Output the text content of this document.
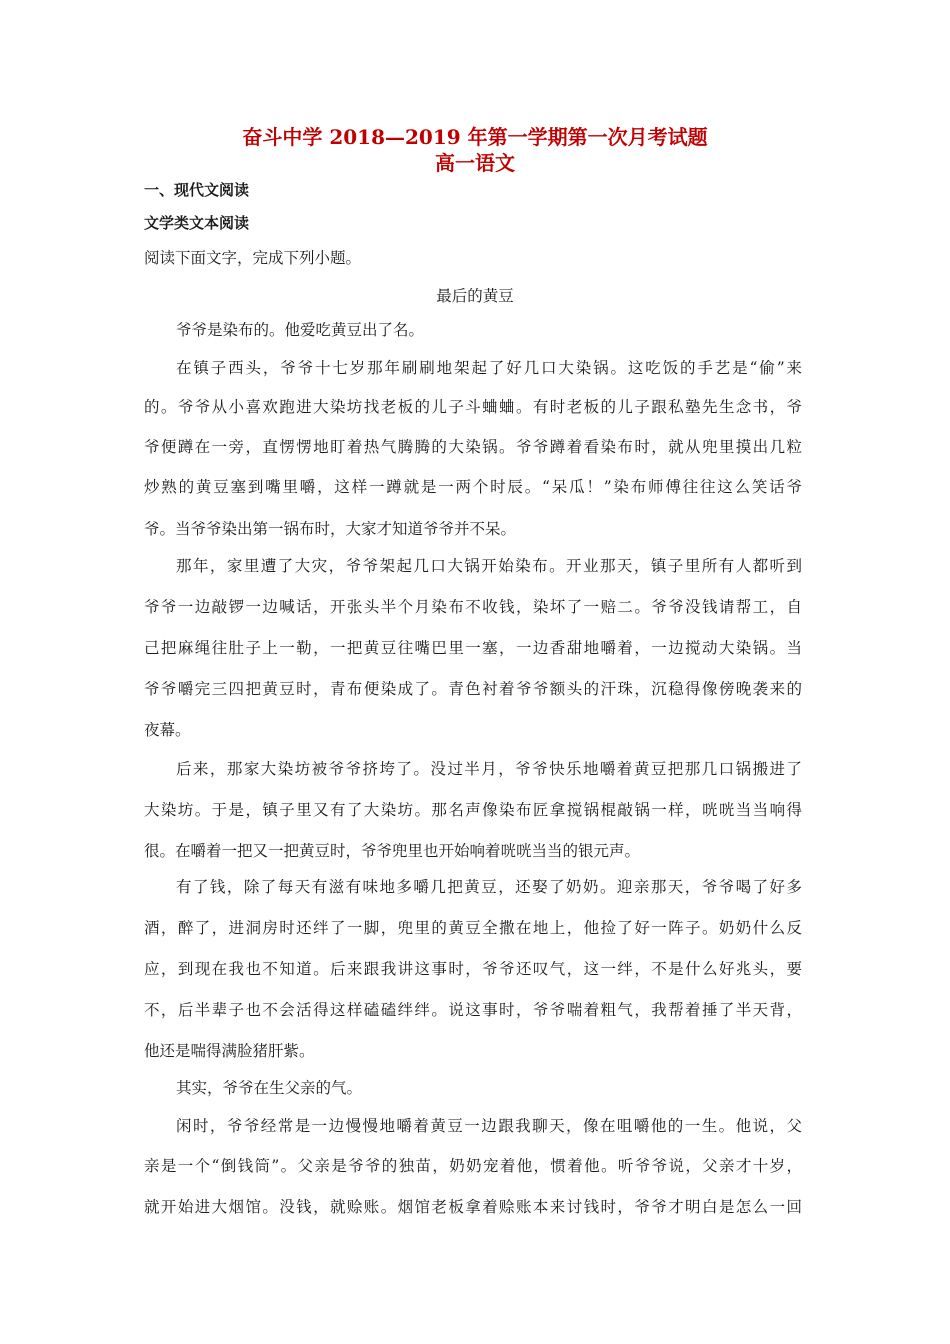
奋斗中学 2018—2019 年第一学期第一次月考试题
高一语文
一、现代文阅读
文学类文本阅读
阅读下面文字，完成下列小题。
最后的黄豆
爷爷是染布的。他爱吃黄豆出了名。
在镇子西头，爷爷十七岁那年刷刷地架起了好几口大染锅。这吃饭的手艺是“偷”来
的。爷爷从小喜欢跑进大染坊找老板的儿子斗蛐蛐。有时老板的儿子跟私塾先生念书，爷
爷便蹲在一旁，直愣愣地盯着热气腾腾的大染锅。爷爷蹲着看染布时，就从兜里摸出几粒
炒熟的黄豆塞到嘴里嚼，这样一蹲就是一两个时辰。“呆瓜！”染布师傅往往这么笑话爷
爷。当爷爷染出第一锅布时，大家才知道爷爷并不呆。
那年，家里遭了大灾，爷爷架起几口大锅开始染布。开业那天，镇子里所有人都听到
爷爷一边敲锣一边喊话，开张头半个月染布不收钱，染坏了一赔二。爷爷没钱请帮工，自
己把麻绳往肚子上一勒，一把黄豆往嘴巴里一塞，一边香甜地嚼着，一边搅动大染锅。当
爷爷嚼完三四把黄豆时，青布便染成了。青色衬着爷爷额头的汗珠，沉稳得像傍晚袭来的
夜幕。
后来，那家大染坊被爷爷挤垮了。没过半月，爷爷快乐地嚼着黄豆把那几口锅搬进了
大染坊。于是，镇子里又有了大染坊。那名声像染布匠拿搅锅棍敲锅一样，咣咣当当响得
很。在嚼着一把又一把黄豆时，爷爷兜里也开始响着咣咣当当的银元声。
有了钱，除了每天有滋有味地多嚼几把黄豆，还娶了奶奶。迎亲那天，爷爷喝了好多
酒，醉了，进洞房时还绊了一脚，兜里的黄豆全撒在地上，他捡了好一阵子。奶奶什么反
应，到现在我也不知道。后来跟我讲这事时，爷爷还叹气，这一绊，不是什么好兆头，要
不，后半辈子也不会活得这样磕磕绊绊。说这事时，爷爷喘着粗气，我帮着捶了半天背，
他还是喘得满脸猪肝紫。
其实，爷爷在生父亲的气。
闲时，爷爷经常是一边慢慢地嚼着黄豆一边跟我聊天，像在咀嚼他的一生。他说，父
亲是一个“倒钱筒”。父亲是爷爷的独苗，奶奶宠着他，惯着他。听爷爷说，父亲才十岁，
就开始进大烟馆。没钱，就赊账。烟馆老板拿着赊账本来讨钱时，爷爷才明白是怎么一回
